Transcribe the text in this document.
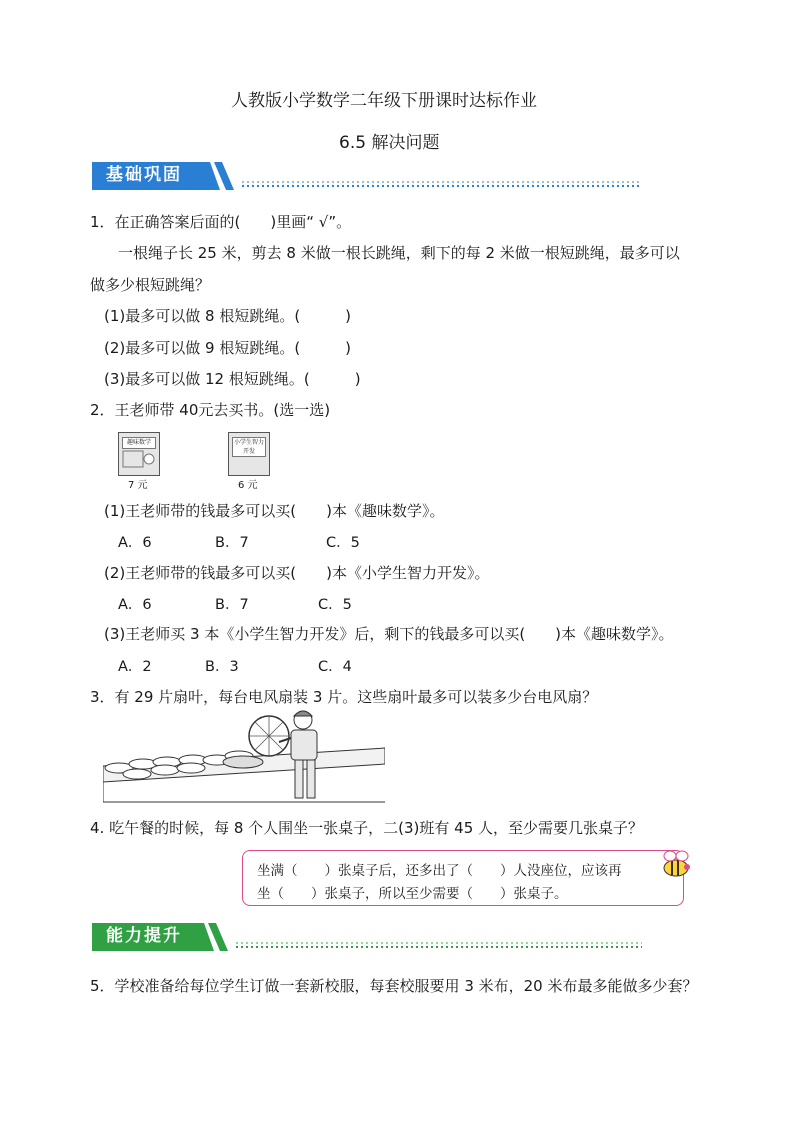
人教版小学数学二年级下册课时达标作业
6.5 解决问题
基础巩固
1．在正确答案后面的(　　)里画“ √”。
一根绳子长 25 米，剪去 8 米做一根长跳绳，剩下的每 2 米做一根短跳绳，最多可以
做多少根短跳绳？
(1)最多可以做 8 根短跳绳。(　　　)
(2)最多可以做 9 根短跳绳。(　　　)
(3)最多可以做 12 根短跳绳。(　　　)
2．王老师带 40元去买书。(选一选)
趣味数学
7 元
小学生智力开发
6 元
(1)王老师带的钱最多可以买(　　)本《趣味数学》。
A．6	B．7	C．5
(2)王老师带的钱最多可以买(　　)本《小学生智力开发》。
A．6	B．7	C．5
(3)王老师买 3 本《小学生智力开发》后，剩下的钱最多可以买(　　)本《趣味数学》。
A．2	B．3	C．4
3．有 29 片扇叶，每台电风扇装 3 片。这些扇叶最多可以装多少台电风扇？
4. 吃午餐的时候，每 8 个人围坐一张桌子，二(3)班有 45 人，至少需要几张桌子？
坐满（　　）张桌子后，还多出了（　　）人没座位，应该再
坐（　　）张桌子，所以至少需要（　　）张桌子。
能力提升
5．学校准备给每位学生订做一套新校服，每套校服要用 3 米布，20 米布最多能做多少套？
